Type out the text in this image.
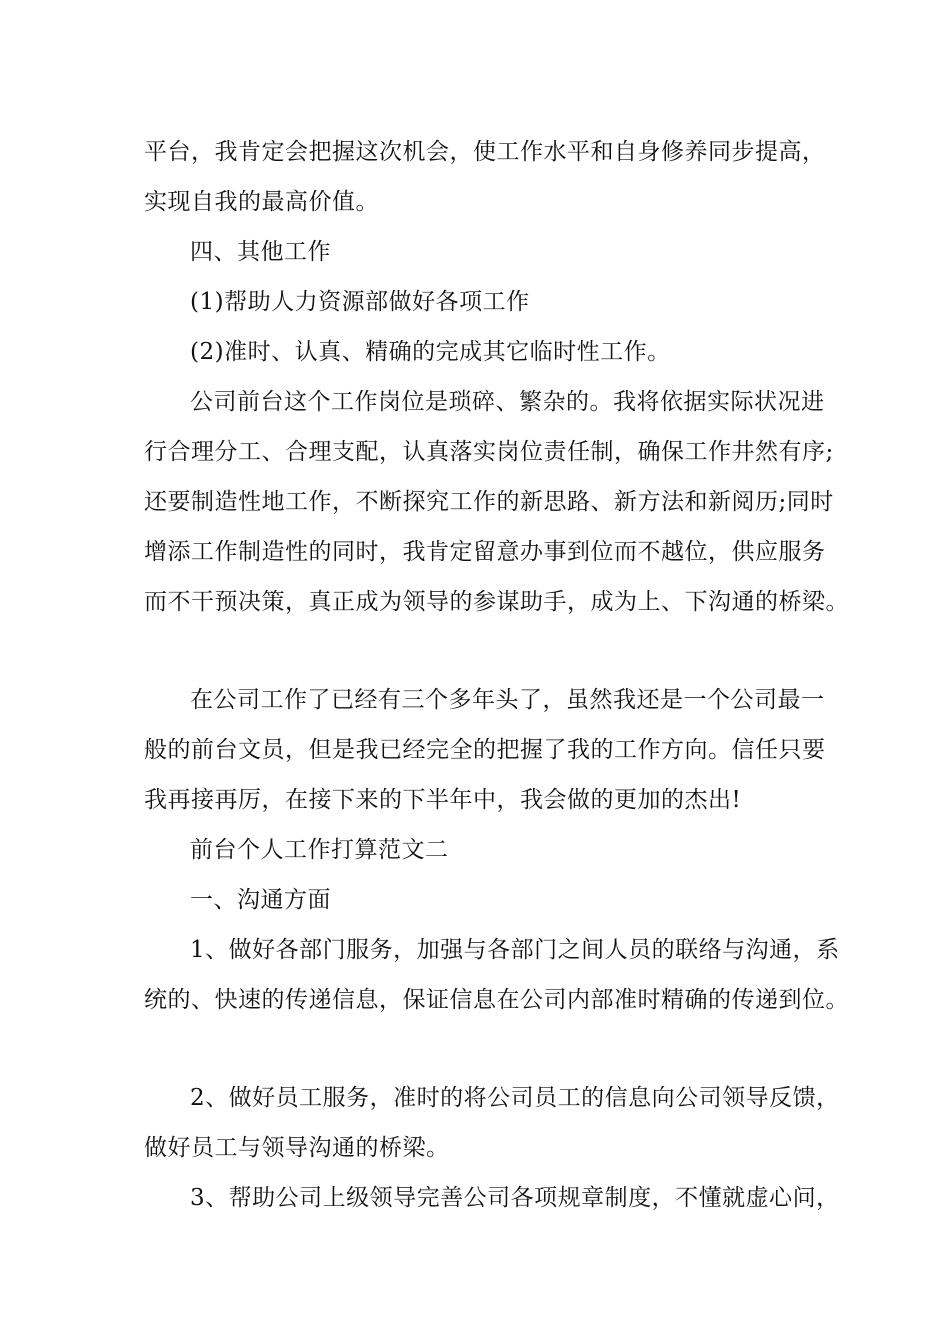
平台，我肯定会把握这次机会，使工作水平和自身修养同步提高，
实现自我的最高价值。
四、其他工作
(1)帮助人力资源部做好各项工作
(2)准时、认真、精确的完成其它临时性工作。
公司前台这个工作岗位是琐碎、繁杂的。我将依据实际状况进
行合理分工、合理支配，认真落实岗位责任制，确保工作井然有序;
还要制造性地工作，不断探究工作的新思路、新方法和新阅历;同时
增添工作制造性的同时，我肯定留意办事到位而不越位，供应服务
而不干预决策，真正成为领导的参谋助手，成为上、下沟通的桥梁。
在公司工作了已经有三个多年头了，虽然我还是一个公司最一
般的前台文员，但是我已经完全的把握了我的工作方向。信任只要
我再接再厉，在接下来的下半年中，我会做的更加的杰出!
前台个人工作打算范文二
一、沟通方面
1、做好各部门服务，加强与各部门之间人员的联络与沟通，系
统的、快速的传递信息，保证信息在公司内部准时精确的传递到位。
2、做好员工服务，准时的将公司员工的信息向公司领导反馈，
做好员工与领导沟通的桥梁。
3、帮助公司上级领导完善公司各项规章制度，不懂就虚心问，
